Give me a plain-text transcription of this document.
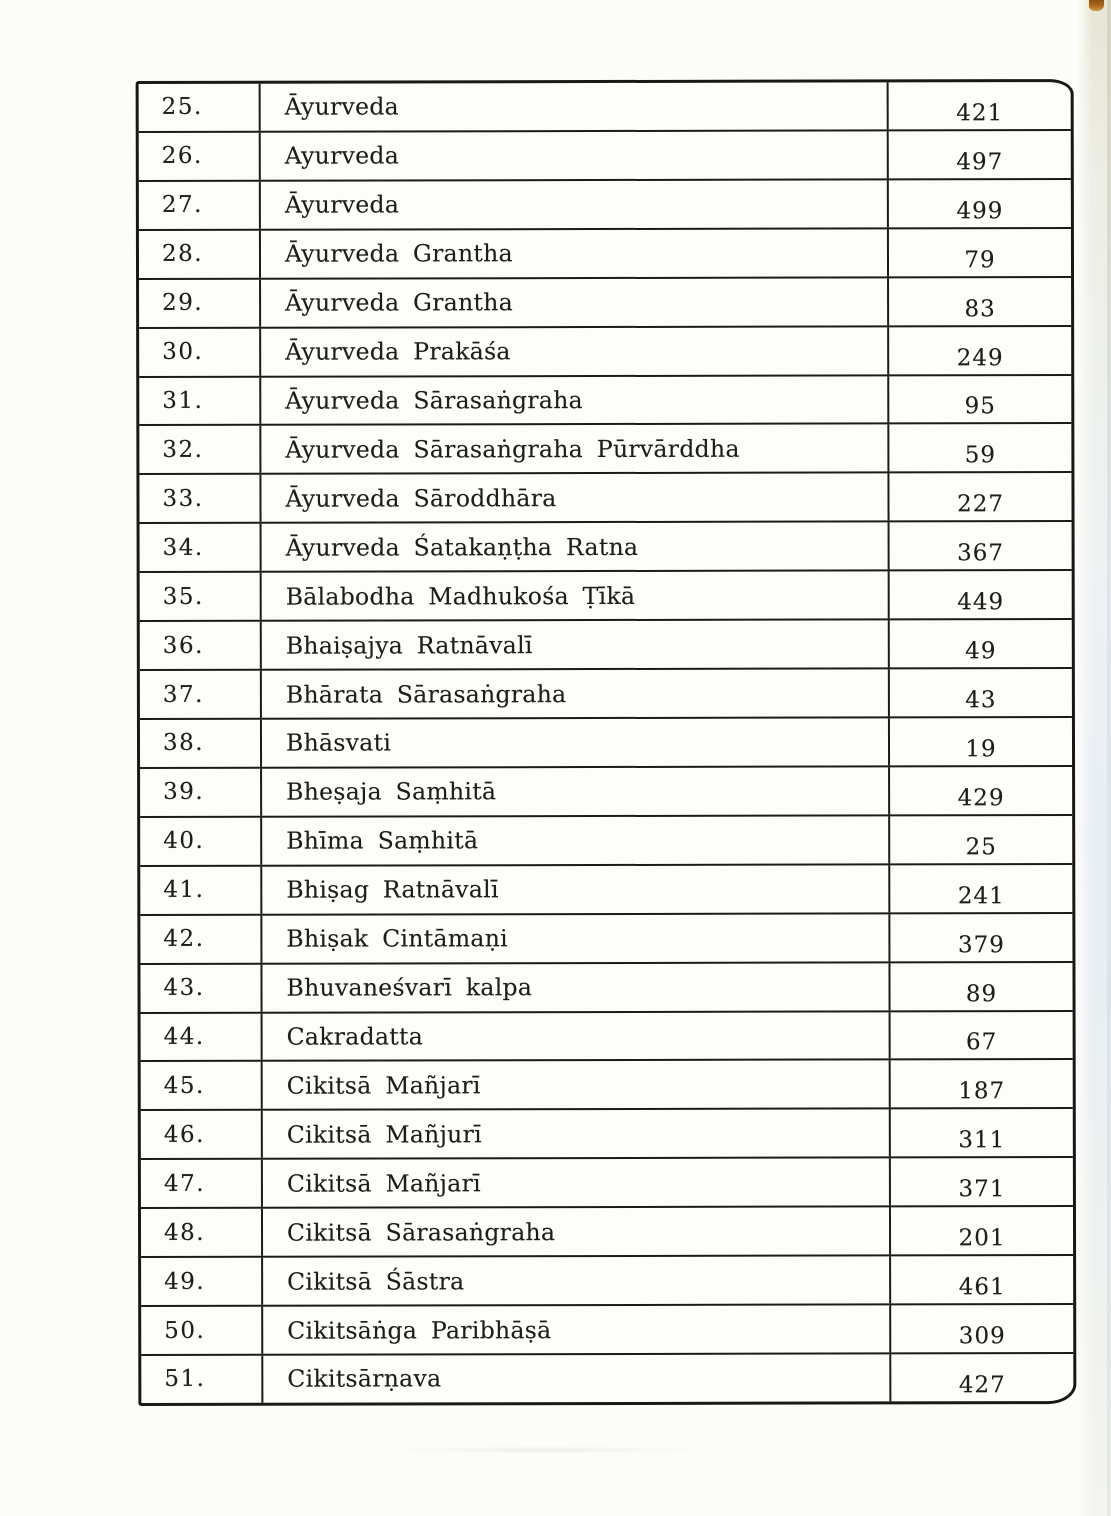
25.	Āyurveda	421
26.	Ayurveda	497
27.	Āyurveda	499
28.	Āyurveda Grantha	79
29.	Āyurveda Grantha	83
30.	Āyurveda Prakāśa	249
31.	Āyurveda Sārasaṅgraha	95
32.	Āyurveda Sārasaṅgraha Pūrvārddha	59
33.	Āyurveda Sāroddhāra	227
34.	Āyurveda Śatakaṇṭha Ratna	367
35.	Bālabodha Madhukośa Ṭīkā	449
36.	Bhaiṣajya Ratnāvalī	49
37.	Bhārata Sārasaṅgraha	43
38.	Bhāsvati	19
39.	Bheṣaja Saṃhitā	429
40.	Bhīma Saṃhitā	25
41.	Bhiṣag Ratnāvalī	241
42.	Bhiṣak Cintāmaṇi	379
43.	Bhuvaneśvarī kalpa	89
44.	Cakradatta	67
45.	Cikitsā Mañjarī	187
46.	Cikitsā Mañjurī	311
47.	Cikitsā Mañjarī	371
48.	Cikitsā Sārasaṅgraha	201
49.	Cikitsā Śāstra	461
50.	Cikitsāṅga Paribhāṣā	309
51.	Cikitsārṇava	427
